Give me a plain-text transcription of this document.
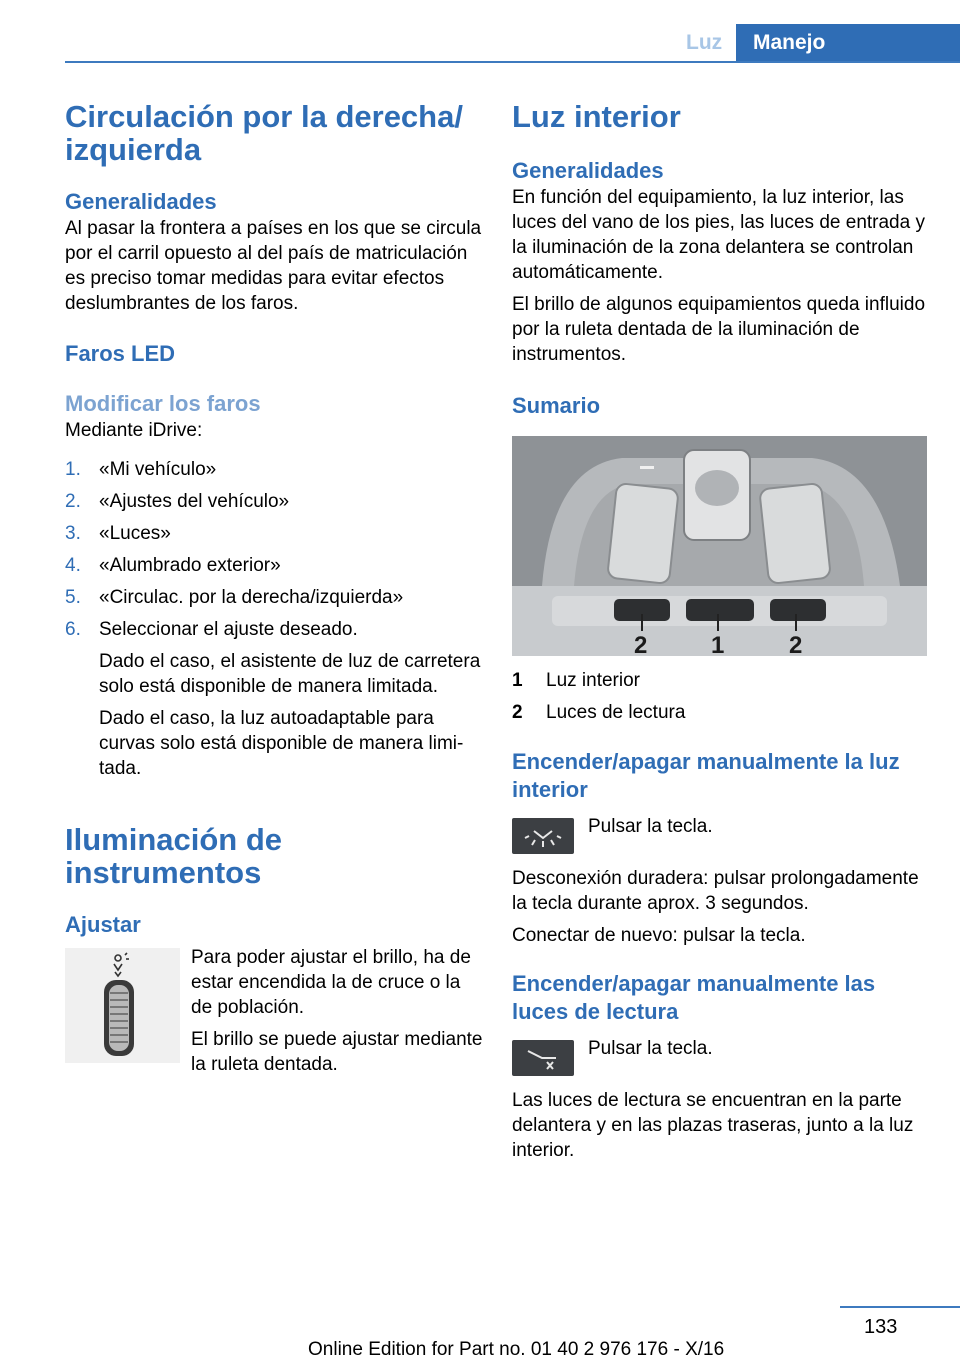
Luz	Manejo
Circulación por la derecha/ izquierda
Generalidades

Al pasar la frontera a países en los que se circula por el carril opuesto al del país de matriculación es preciso tomar medidas para evitar efectos deslumbrantes de los faros.

Faros LED
Modificar los faros

Mediante iDrive:

1. «Mi vehículo»
2. «Ajustes del vehículo»
3. «Luces»
4. «Alumbrado exterior»
5. «Circulac. por la derecha/izquierda»
6. Seleccionar el ajuste deseado.
Dado el caso, el asistente de luz de carretera solo está disponible de manera limitada.
Dado el caso, la luz autoadaptable para curvas solo está disponible de manera limitada.
Iluminación de instrumentos
Ajustar

Para poder ajustar el brillo, ha de estar encendida la de cruce o la de población.

El brillo se puede ajustar mediante la ruleta dentada.

Luz interior
Generalidades

En función del equipamiento, la luz interior, las luces del vano de los pies, las luces de entrada y la iluminación de la zona delantera se controlan automáticamente.

El brillo de algunos equipamientos queda influido por la ruleta dentada de la iluminación de instrumentos.

Sumario
2	1	2
1 Luz interior
2 Luces de lectura
Encender/apagar manualmente la luz interior

Pulsar la tecla.

Desconexión duradera: pulsar prolongadamente la tecla durante aprox. 3 segundos.

Conectar de nuevo: pulsar la tecla.

Encender/apagar manualmente las luces de lectura

Pulsar la tecla.

Las luces de lectura se encuentran en la parte delantera y en las plazas traseras, junto a la luz interior.

133
Online Edition for Part no. 01 40 2 976 176 - X/16
